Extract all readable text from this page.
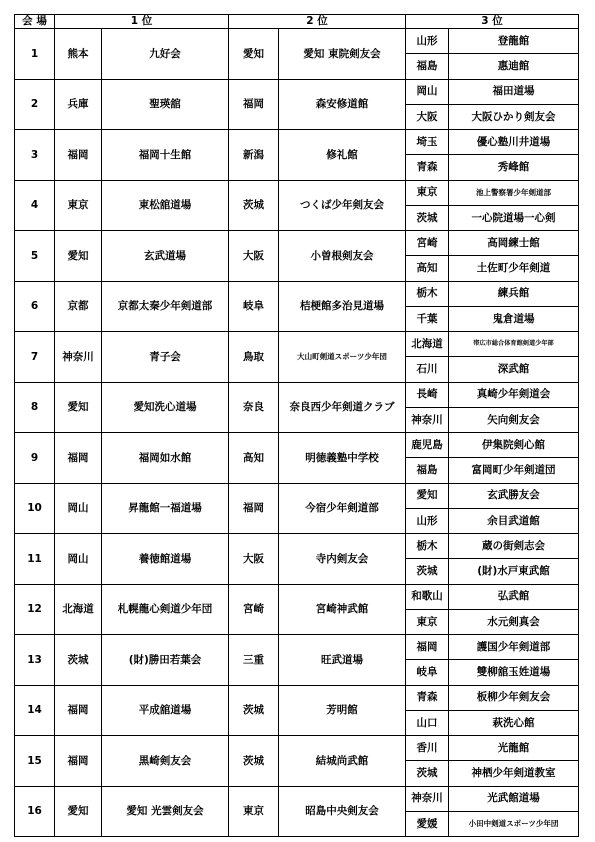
会 場	1 位		2 位		3 位	
1	熊本	九好会	愛知	愛知 東院剣友会	山形	登龍館
					福島	惠迪館
2	兵庫	聖瑛舘	福岡	森安修道館	岡山	福田道場
					大阪	大阪ひかり剣友会
3	福岡	福岡十生館	新潟	修礼館	埼玉	優心塾川井道場
					青森	秀峰館
4	東京	東松舘道場	茨城	つくば少年剣友会	東京	池上警察署少年剣道部
					茨城	一心院道場一心剣
5	愛知	玄武道場	大阪	小曽根剣友会	宮崎	高岡練士館
					高知	土佐町少年剣道
6	京都	京都太秦少年剣道部	岐阜	桔梗館多治見道場	栃木	練兵館
					千葉	鬼倉道場
7	神奈川	青子会	鳥取	大山町剣道スポーツ少年団	北海道	帯広市総合体育館剣道少年部
					石川	深武館
8	愛知	愛知洗心道場	奈良	奈良西少年剣道クラブ	長崎	真崎少年剣道会
					神奈川	矢向剣友会
9	福岡	福岡如水館	高知	明徳義塾中学校	鹿児島	伊集院剣心館
					福島	富岡町少年剣道団
10	岡山	昇龍館一福道場	福岡	今宿少年剣道部	愛知	玄武勝友会
					山形	余目武道館
11	岡山	養徳館道場	大阪	寺内剣友会	栃木	蔵の街剣志会
					茨城	(財)水戸東武館
12	北海道	札幌龍心剣道少年団	宮崎	宮崎神武館	和歌山	弘武館
					東京	水元剣真会
13	茨城	(財)勝田若葉会	三重	旺武道場	福岡	護国少年剣道部
					岐阜	雙柳舘玉姓道場
14	福岡	平成舘道場	茨城	芳明館	青森	板柳少年剣友会
					山口	萩洗心館
15	福岡	黒崎剣友会	茨城	結城尚武館	香川	光龍館
					茨城	神栖少年剣道教室
16	愛知	愛知 光雲剣友会	東京	昭島中央剣友会	神奈川	光武館道場
					愛媛	小田中剣道スポーツ少年団
